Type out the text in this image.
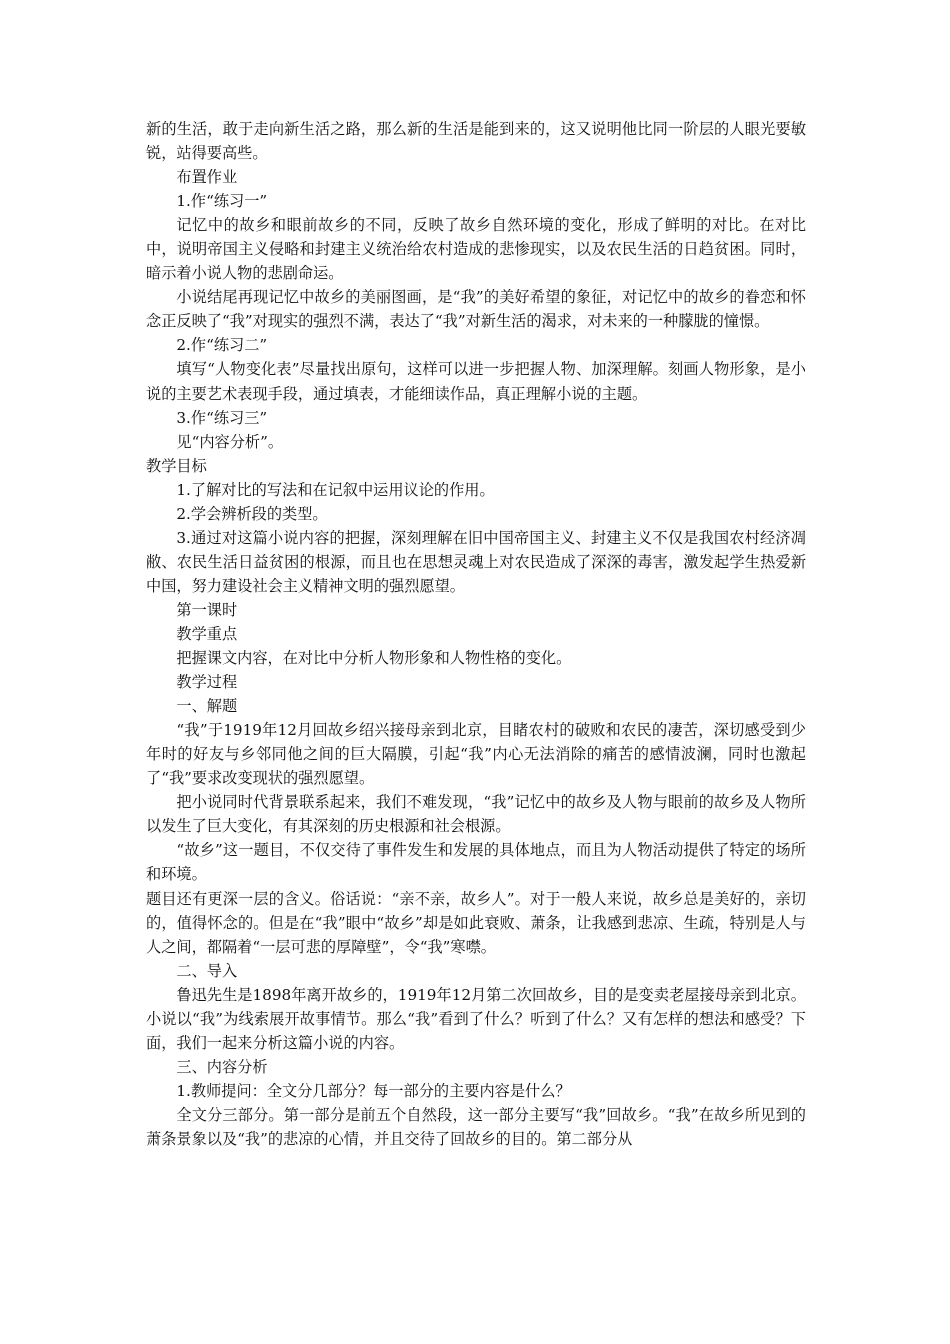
新的生活，敢于走向新生活之路，那么新的生活是能到来的，这又说明他比同一阶层的人眼光要敏锐，站得要高些。

布置作业

1.作“练习一”

记忆中的故乡和眼前故乡的不同，反映了故乡自然环境的变化，形成了鲜明的对比。在对比中，说明帝国主义侵略和封建主义统治给农村造成的悲惨现实，以及农民生活的日趋贫困。同时，暗示着小说人物的悲剧命运。

小说结尾再现记忆中故乡的美丽图画，是“我”的美好希望的象征，对记忆中的故乡的眷恋和怀念正反映了“我”对现实的强烈不满，表达了“我”对新生活的渴求，对未来的一种朦胧的憧憬。

2.作“练习二”

填写“人物变化表”尽量找出原句，这样可以进一步把握人物、加深理解。刻画人物形象，是小说的主要艺术表现手段，通过填表，才能细读作品，真正理解小说的主题。

3.作“练习三”

见“内容分析”。

教学目标

1.了解对比的写法和在记叙中运用议论的作用。

2.学会辨析段的类型。

3.通过对这篇小说内容的把握，深刻理解在旧中国帝国主义、封建主义不仅是我国农村经济凋敝、农民生活日益贫困的根源，而且也在思想灵魂上对农民造成了深深的毒害，激发起学生热爱新中国，努力建设社会主义精神文明的强烈愿望。

第一课时

教学重点

把握课文内容，在对比中分析人物形象和人物性格的变化。

教学过程

一、解题

“我”于1919年12月回故乡绍兴接母亲到北京，目睹农村的破败和农民的凄苦，深切感受到少年时的好友与乡邻同他之间的巨大隔膜，引起“我”内心无法消除的痛苦的感情波澜，同时也激起了“我”要求改变现状的强烈愿望。

把小说同时代背景联系起来，我们不难发现，“我”记忆中的故乡及人物与眼前的故乡及人物所以发生了巨大变化，有其深刻的历史根源和社会根源。

“故乡”这一题目，不仅交待了事件发生和发展的具体地点，而且为人物活动提供了特定的场所和环境。

题目还有更深一层的含义。俗话说：“亲不亲，故乡人”。对于一般人来说，故乡总是美好的，亲切的，值得怀念的。但是在“我”眼中“故乡”却是如此衰败、萧条，让我感到悲凉、生疏，特别是人与人之间，都隔着“一层可悲的厚障壁”，令“我”寒噤。

二、导入

鲁迅先生是1898年离开故乡的，1919年12月第二次回故乡，目的是变卖老屋接母亲到北京。小说以“我”为线索展开故事情节。那么“我”看到了什么？听到了什么？又有怎样的想法和感受？下面，我们一起来分析这篇小说的内容。

三、内容分析

1.教师提问：全文分几部分？每一部分的主要内容是什么？

全文分三部分。第一部分是前五个自然段，这一部分主要写“我”回故乡。“我”在故乡所见到的萧条景象以及“我”的悲凉的心情，并且交待了回故乡的目的。第二部分从
